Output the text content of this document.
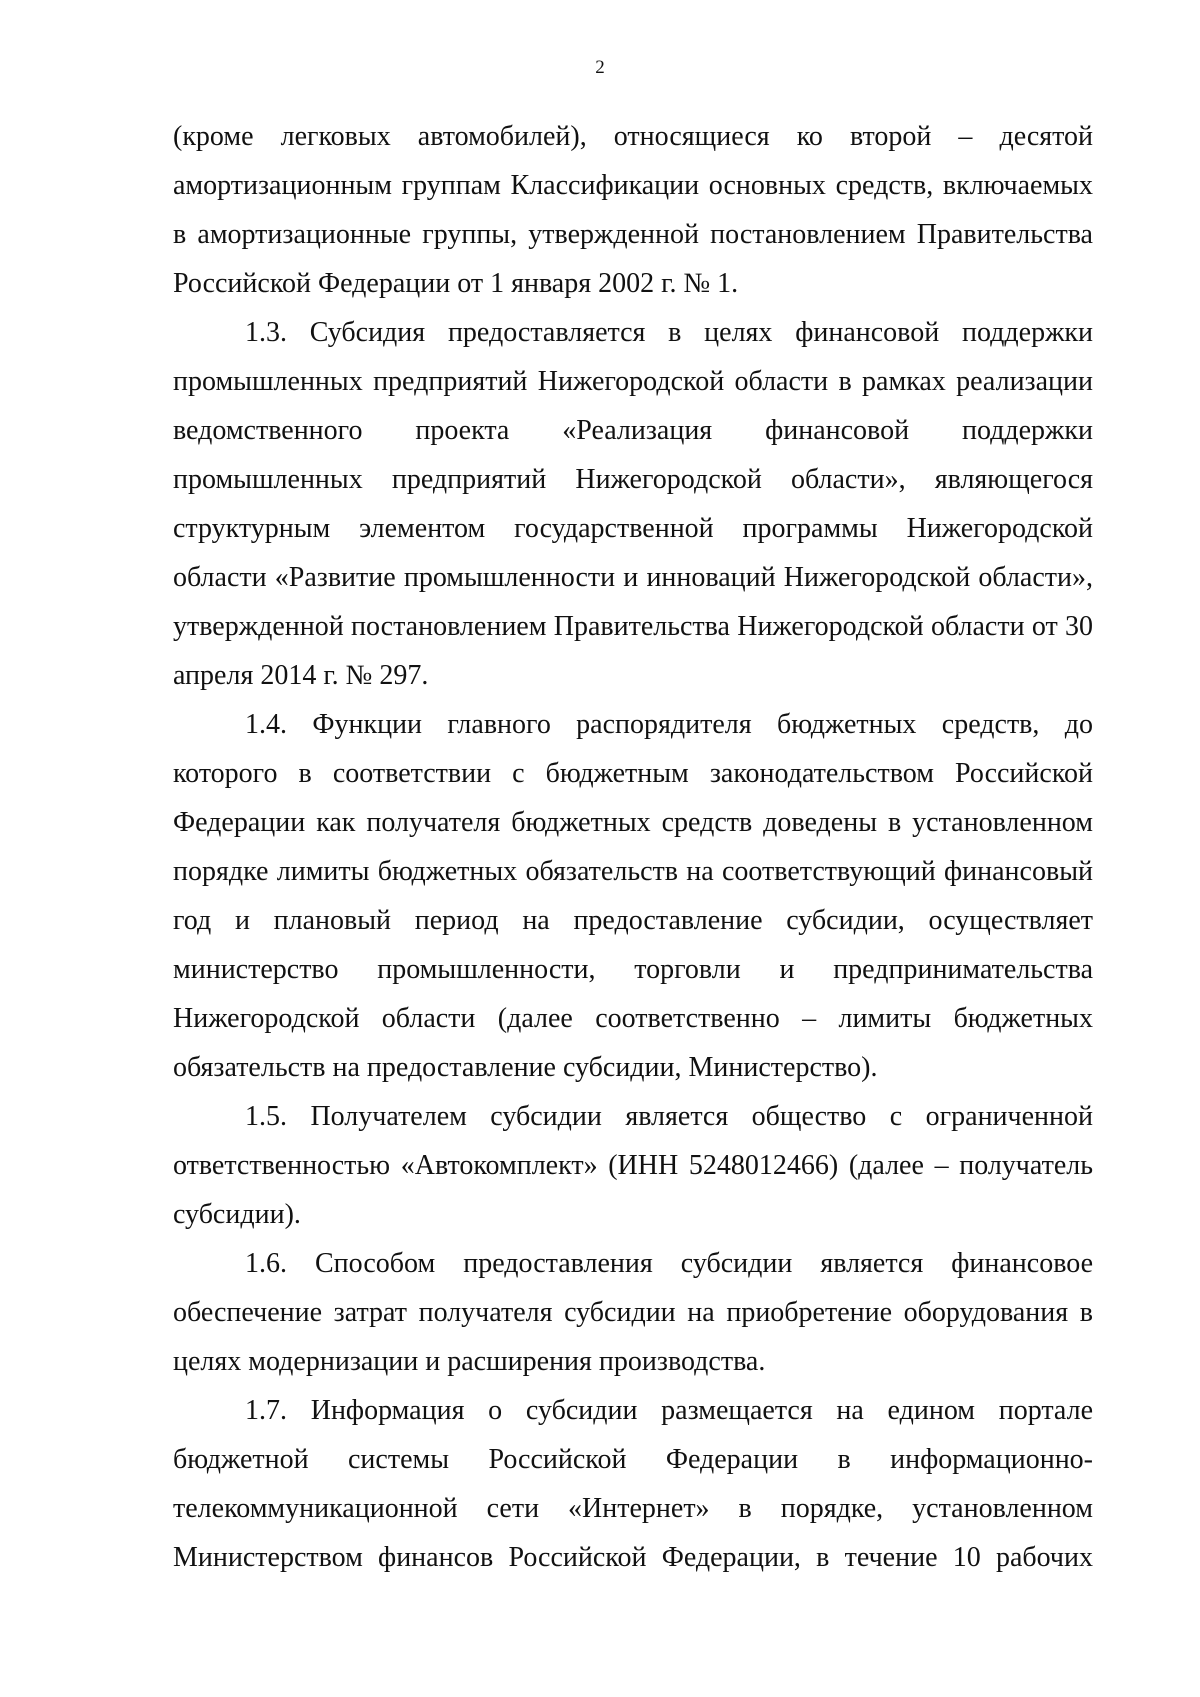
2

(кроме легковых автомобилей), относящиеся ко второй – десятой амортизационным группам Классификации основных средств, включаемых в амортизационные группы, утвержденной постановлением Правительства Российской Федерации от 1 января 2002 г. № 1.

1.3. Субсидия предоставляется в целях финансовой поддержки промышленных предприятий Нижегородской области в рамках реализации ведомственного проекта «Реализация финансовой поддержки промышленных предприятий Нижегородской области», являющегося структурным элементом государственной программы Нижегородской области «Развитие промышленности и инноваций Нижегородской области», утвержденной постановлением Правительства Нижегородской области от 30 апреля 2014 г. № 297.

1.4. Функции главного распорядителя бюджетных средств, до которого в соответствии с бюджетным законодательством Российской Федерации как получателя бюджетных средств доведены в установленном порядке лимиты бюджетных обязательств на соответствующий финансовый год и плановый период на предоставление субсидии, осуществляет министерство промышленности, торговли и предпринимательства Нижегородской области (далее соответственно – лимиты бюджетных обязательств на предоставление субсидии, Министерство).

1.5. Получателем субсидии является общество с ограниченной ответственностью «Автокомплект» (ИНН 5248012466) (далее – получатель субсидии).

1.6. Способом предоставления субсидии является финансовое обеспечение затрат получателя субсидии на приобретение оборудования в целях модернизации и расширения производства.

1.7. Информация о субсидии размещается на едином портале бюджетной системы Российской Федерации в информационно-телекоммуникационной сети «Интернет» в порядке, установленном Министерством финансов Российской Федерации, в течение 10 рабочих
